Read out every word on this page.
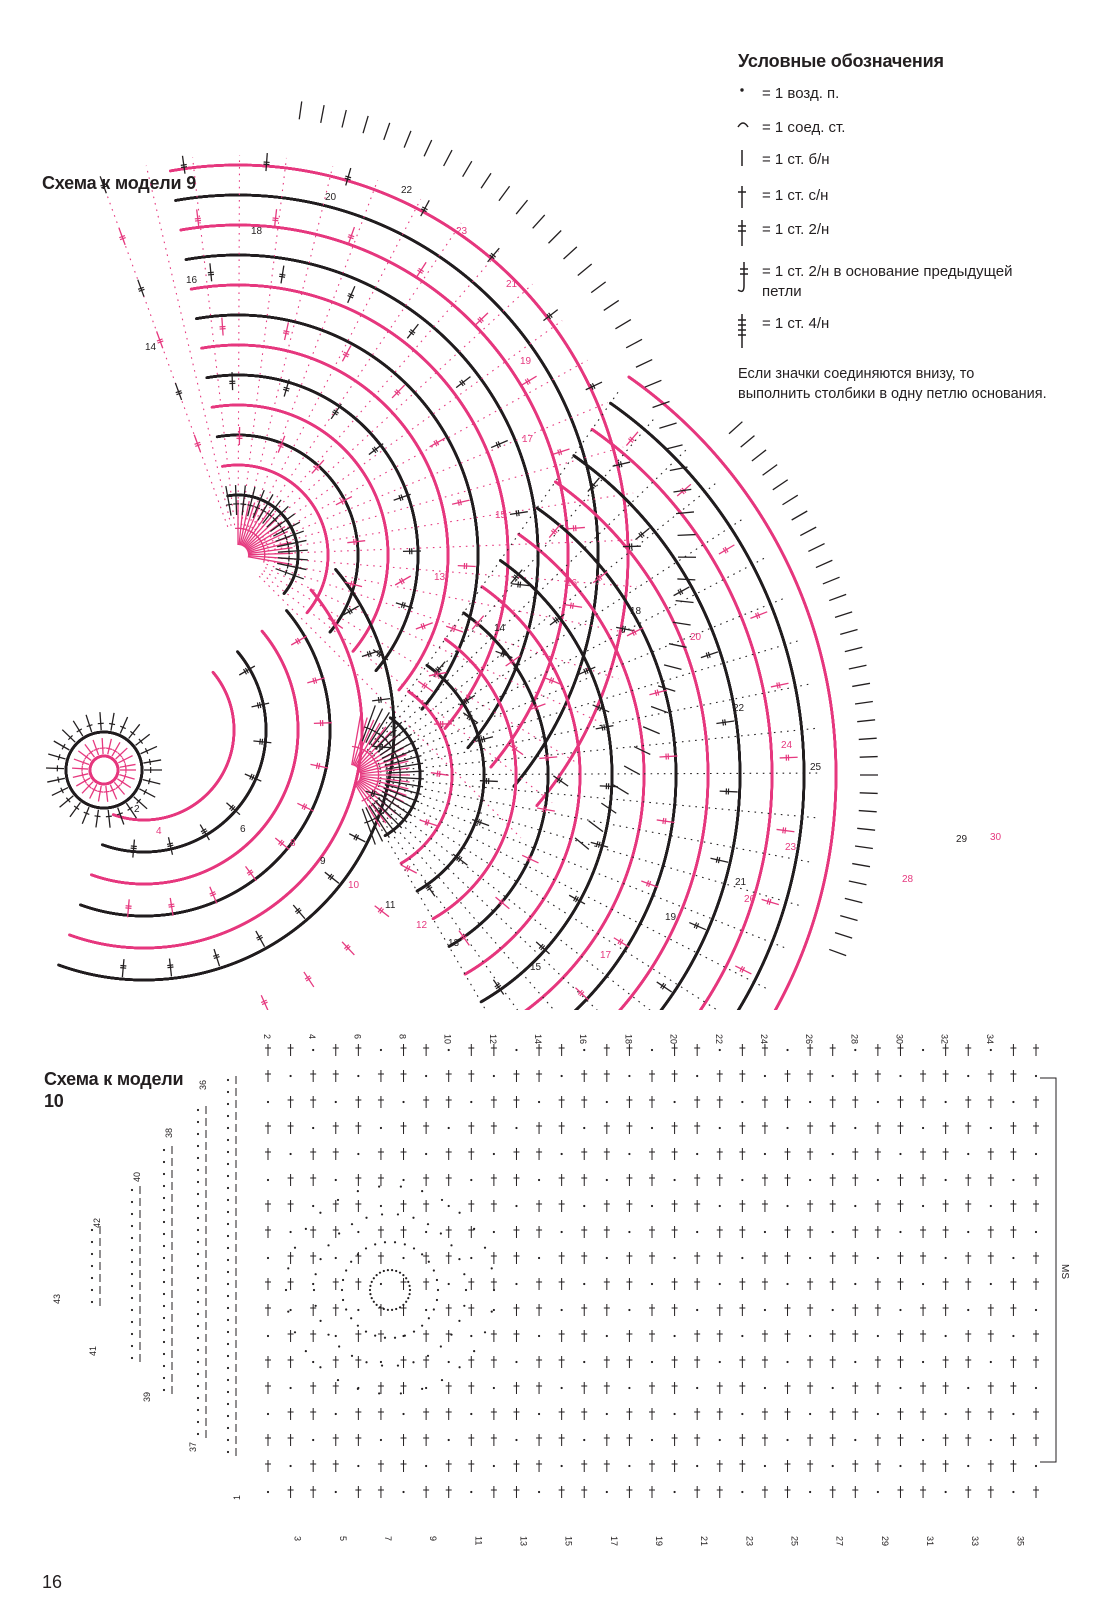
Условные обозначения
= 1 возд. п.
= 1 соед. ст.
= 1 ст. б/н
= 1 ст. с/н
= 1 ст. 2/н
= 1 ст. 2/н в основание предыдущей петли
= 1 ст. 4/н
Если значки соединяются внизу, то выполнить столбики в одну петлю основания.
Схема к модели 9
14
16
18
20
22
23
21
19
17
15
13
14
16
18
20
22
24
25
23
21
26
19
17
15
2
4	6
8
9
10
11
12
13
28
29 30
Схема к модели 10
2	4	6	8	10	12	14	16	18	20	22	24	26	28	30	32	34
3	5	7	9	11	13	15	17	19	21	23	25	27	29	31	33	35
36
38
40
42
43
41
39
37
1
MS
16
